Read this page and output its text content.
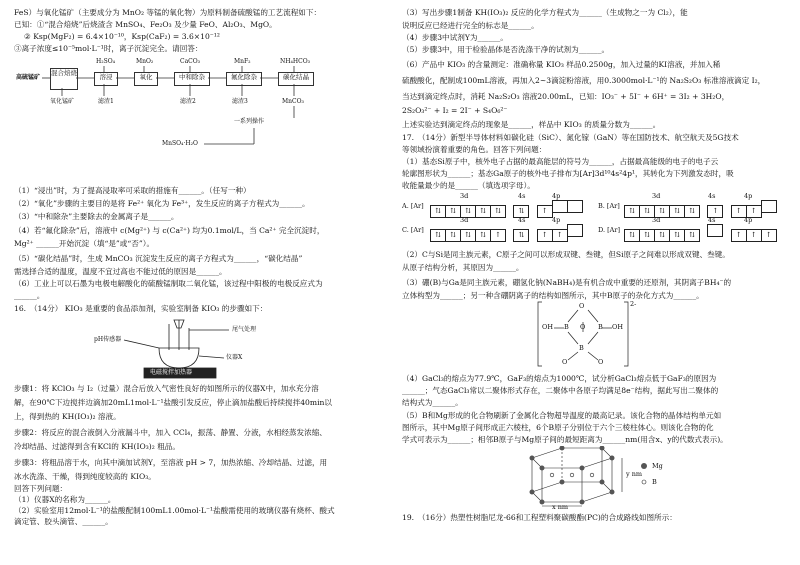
FeS）与氧化锰矿（主要成分为 MnO₂ 等锰的氧化物）为原料制备硫酸锰的工艺流程如下：
已知：①“混合焙烧”后烧渣含 MnSO₄、Fe₂O₃ 及少量 FeO、Al₂O₃、MgO。
② Ksp(MgF₂) = 6.4×10⁻¹⁰，Ksp(CaF₂) = 3.6×10⁻¹²
③离子浓度≤10⁻⁵mol·L⁻¹时，离子沉淀完全。请回答：
高硫锰矿
混合焙烧	溶浸	氧化	中和除杂	氟化除杂	碳化结晶
H₂SO₄	MnO₂	CaCO₃	MnF₂	NH₄HCO₃
氧化锰矿	滤渣1	滤渣2	滤渣3	MnCO₃
一系列操作
MnSO₄·H₂O
（1）“浸出”时，为了提高浸取率可采取的措施有______。（任写一种）
（2）“氧化”步骤的主要目的是将 Fe²⁺ 氧化为 Fe³⁺，发生反应的离子方程式为______。
（3）“中和除杂”主要除去的金属离子是______。
（4）若“氟化除杂”后，溶液中 c(Mg²⁺) 与 c(Ca²⁺) 均为0.1mol/L，当 Ca²⁺ 完全沉淀时，
Mg²⁺ ______开始沉淀（填“是”或“否”）。
（5）“碳化结晶”时，生成 MnCO₃ 沉淀发生反应的离子方程式为______，“碳化结晶”
需选择合适的温度，温度不宜过高也不能过低的原因是______。
（6）工业上可以石墨为电极电解酸化的硫酸锰制取二氧化锰，该过程中阳极的电极反应式为
______。
16.　（14分） KIO₃ 是重要的食品添加剂，实验室制备 KIO₃ 的步骤如下：
pH传感器
尾气处理
仪器X
电磁搅拌加热器
步骤1：将 KClO₃ 与 I₂（过量）混合后放入气密性良好的如图所示的仪器X中，加水充分溶
解，在90℃下边搅拌边滴加20mL1mol·L⁻¹盐酸引发反应，停止滴加盐酸后持续搅拌40min以
上，得到热的 KH(IO₃)₂ 溶液。
步骤2：将反应的混合液倒入分液漏斗中，加入 CCl₄，振荡、静置、分液，水相经蒸发浓缩、
冷却结晶、过滤得到含有KCl的 KH(IO₃)₂ 粗品。
步骤3：将粗品溶于水，向其中滴加试剂Y，至溶液 pH > 7，加热浓缩、冷却结晶、过滤，用
冰水洗涤、干燥，得到纯度较高的 KIO₃。
回答下列问题：
（1）仪器X的名称为______。
（2）实验室用12mol·L⁻¹的盐酸配制100mL1.00mol·L⁻¹盐酸需使用的玻璃仪器有烧杯、酸式
滴定管、胶头滴管、______。
（3）写出步骤1制备 KH(IO₃)₂ 反应的化学方程式为______（生成物之一为 Cl₂），能
说明反应已经进行完全的标志是______。
（4）步骤3中试剂Y为______。
（5）步骤3中，用于检验晶体是否洗涤干净的试剂为______。
（6）产品中 KIO₃ 的含量测定：准确称量 KIO₃ 样品0.2500g，加入过量的KI溶液，并加入稀
硫酸酸化，配制成100mL溶液，再加入2~3滴淀粉溶液，用0.3000mol·L⁻¹的 Na₂S₂O₃ 标准溶液滴定 I₂，
当达到滴定终点时，消耗 Na₂S₂O₃ 溶液20.00mL，已知：IO₃⁻ + 5I⁻ + 6H⁺ = 3I₂ + 3H₂O，
2S₂O₃²⁻ + I₂ = 2I⁻ + S₄O₆²⁻
上述实验达到滴定终点的现象是______，样品中 KIO₃ 的质量分数为______。
17.　（14分）新型半导体材料如碳化硅（SiC）、氮化镓（GaN）等在国防技术、航空航天及5G技术
等领域扮演着重要的角色。回答下列问题：
（1）基态Si原子中，核外电子占据的最高能层的符号为______，占据最高能级的电子的电子云
轮廓图形状为______；基态Ga原子的核外电子排布为[Ar]3d¹⁰4s²4p¹，其转化为下列激发态时，吸
收能量最少的是______（填选项字母）。
3d	4s	4p	3d	4s	4p
A. [Ar]
⇅ ⇅ ⇅ ⇅ ⇅	⇅	↑
B. [Ar]
⇅ ⇅ ⇅ ⇅ ⇅	↑	↑ ↑
3d	4s	4p	3d	4s	4p
C. [Ar]
⇅ ⇅ ⇅ ⇅ ↑	⇅	↑ ↑
D. [Ar]
⇅ ⇅ ⇅ ⇅ ⇅	↑ ↑ ↑
（2）C与Si是同主族元素，C原子之间可以形成双键、叁键，但Si原子之间难以形成双键、叁键。
从原子结构分析，其原因为______。
（3）硼(B)与Ga是同主族元素，硼氢化钠(NaBH₄)是有机合成中重要的还原剂，其阴离子BH₄⁻的
立体构型为______；另一种含硼阴离子的结构如图所示，其中B原子的杂化方式为______。
O
B	B
O
OH	OH
B
O	O
2-
（4）GaCl₃的熔点为77.9℃，GaF₃的熔点为1000℃，试分析GaCl₃熔点低于GaF₃的原因为
______；气态GaCl₃常以二聚体形式存在，二聚体中各原子均满足8e⁻结构，据此写出二聚体的
结构式为______。
（5）B和Mg形成的化合物刷新了金属化合物超导温度的最高记录。该化合物的晶体结构单元如
图所示，其中Mg原子间形成正六棱柱，6个B原子分别位于六个三棱柱体心。则该化合物的化
学式可表示为______；相邻B原子与Mg原子间的最短距离为______nm(用含x、y的代数式表示)。
y nm
x nm
Mg
B
19.　（16分）热塑性树脂尼龙-66和工程塑料聚碳酸酯(PC)的合成路线如图所示：
